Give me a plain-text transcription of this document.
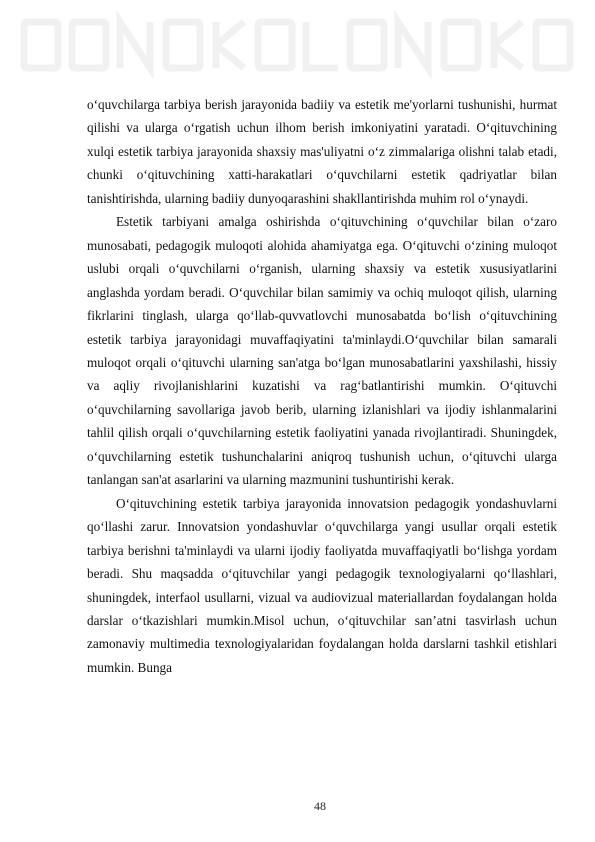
o‘quvchilarga tarbiya berish jarayonida badiiy va estetik me'yorlarni tushunishi, hurmat qilishi va ularga o‘rgatish uchun ilhom berish imkoniyatini yaratadi. O‘qituvchining xulqi estetik tarbiya jarayonida shaxsiy mas'uliyatni o‘z zimmalariga olishni talab etadi, chunki o‘qituvchining xatti-harakatlari o‘quvchilarni estetik qadriyatlar bilan tanishtirishda, ularning badiiy dunyoqarashini shakllantirishda muhim rol o‘ynaydi.

Estetik tarbiyani amalga oshirishda o‘qituvchining o‘quvchilar bilan o‘zaro munosabati, pedagogik muloqoti alohida ahamiyatga ega. O‘qituvchi o‘zining muloqot uslubi orqali o‘quvchilarni o‘rganish, ularning shaxsiy va estetik xususiyatlarini anglashda yordam beradi. O‘quvchilar bilan samimiy va ochiq muloqot qilish, ularning fikrlarini tinglash, ularga qo‘llab-quvvatlovchi munosabatda bo‘lish o‘qituvchining estetik tarbiya jarayonidagi muvaffaqiyatini ta'minlaydi.O‘quvchilar bilan samarali muloqot orqali o‘qituvchi ularning san'atga bo‘lgan munosabatlarini yaxshilashi, hissiy va aqliy rivojlanishlarini kuzatishi va rag‘batlantirishi mumkin. O‘qituvchi o‘quvchilarning savollariga javob berib, ularning izlanishlari va ijodiy ishlanmalarini tahlil qilish orqali o‘quvchilarning estetik faoliyatini yanada rivojlantiradi. Shuningdek, o‘quvchilarning estetik tushunchalarini aniqroq tushunish uchun, o‘qituvchi ularga tanlangan san'at asarlarini va ularning mazmunini tushuntirishi kerak.

O‘qituvchining estetik tarbiya jarayonida innovatsion pedagogik yondashuvlarni qo‘llashi zarur. Innovatsion yondashuvlar o‘quvchilarga yangi usullar orqali estetik tarbiya berishni ta'minlaydi va ularni ijodiy faoliyatda muvaffaqiyatli bo‘lishga yordam beradi. Shu maqsadda o‘qituvchilar yangi pedagogik texnologiyalarni qo‘llashlari, shuningdek, interfaol usullarni, vizual va audiovizual materiallardan foydalangan holda darslar o‘tkazishlari mumkin.Misol uchun, o‘qituvchilar san’atni tasvirlash uchun zamonaviy multimedia texnologiyalaridan foydalangan holda darslarni tashkil etishlari mumkin. Bunga

48
